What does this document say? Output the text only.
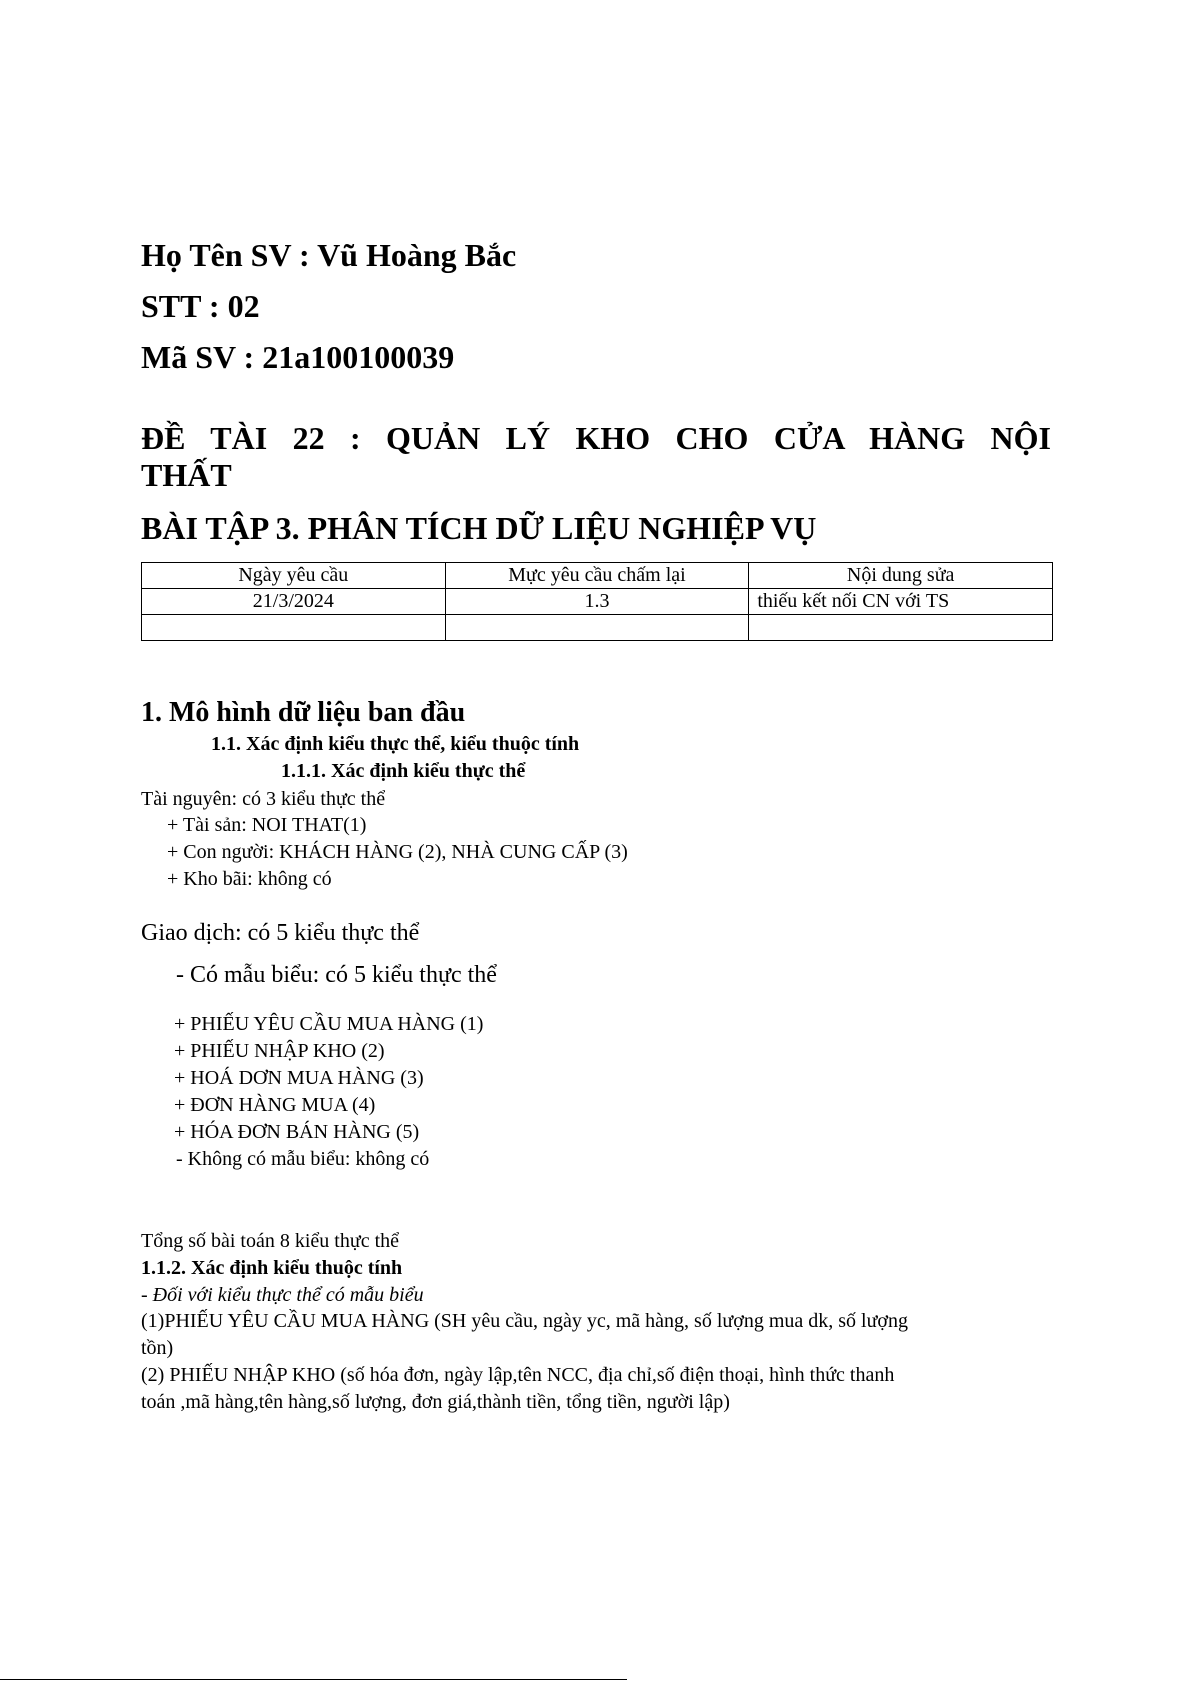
Họ Tên SV : Vũ Hoàng Bắc
STT : 02
Mã SV : 21a100100039
ĐỀ TÀI 22 : QUẢN LÝ KHO CHO CỬA HÀNG NỘI
THẤT
BÀI TẬP 3. PHÂN TÍCH DỮ LIỆU NGHIỆP VỤ
Ngày yêu cầu	Mực yêu cầu chấm lại	Nội dung sửa
21/3/2024	1.3	thiếu kết nối CN với TS

1. Mô hình dữ liệu ban đầu
1.1. Xác định kiểu thực thể, kiểu thuộc tính
1.1.1. Xác định kiểu thực thể
Tài nguyên: có 3 kiểu thực thể
+ Tài sản: NOI THAT(1)
+ Con người: KHÁCH HÀNG (2), NHÀ CUNG CẤP (3)
+ Kho bãi: không có
Giao dịch: có 5 kiểu thực thể
- Có mẫu biểu: có 5 kiểu thực thể
+ PHIẾU YÊU CẦU MUA HÀNG (1)
+ PHIẾU NHẬP KHO (2)
+ HOÁ DƠN MUA HÀNG (3)
+ ĐƠN HÀNG MUA (4)
+ HÓA ĐƠN BÁN HÀNG (5)
- Không có mẫu biểu: không có
Tổng số bài toán 8 kiểu thực thể
1.1.2. Xác định kiểu thuộc tính
- Đối với kiểu thực thể có mẫu biểu
(1)PHIẾU YÊU CẦU MUA HÀNG (SH yêu cầu, ngày yc, mã hàng, số lượng mua dk, số lượng
tồn)
(2) PHIẾU NHẬP KHO (số hóa đơn, ngày lập,tên NCC, địa chỉ,số điện thoại, hình thức thanh
toán ,mã hàng,tên hàng,số lượng, đơn giá,thành tiền, tổng tiền, người lập)
